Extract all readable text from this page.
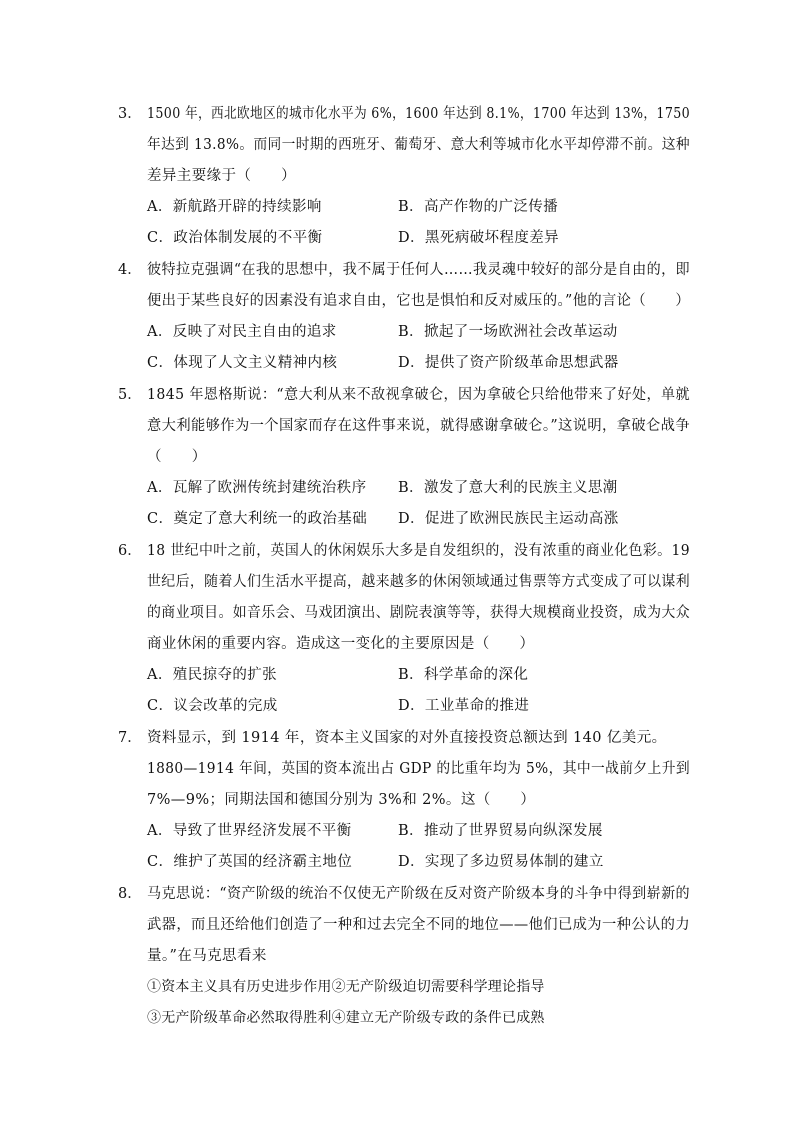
3． 1500 年，西北欧地区的城市化水平为 6%，1600 年达到 8.1%，1700 年达到 13%，1750
年达到 13.8%。而同一时期的西班牙、葡萄牙、意大利等城市化水平却停滞不前。这种
差异主要缘于（　　）
A．新航路开辟的持续影响	B．高产作物的广泛传播
C．政治体制发展的不平衡	D．黑死病破坏程度差异
4． 彼特拉克强调“在我的思想中，我不属于任何人……我灵魂中较好的部分是自由的，即
便出于某些良好的因素没有追求自由，它也是惧怕和反对威压的。”他的言论（　　）
A．反映了对民主自由的追求	B．掀起了一场欧洲社会改革运动
C．体现了人文主义精神内核	D．提供了资产阶级革命思想武器
5． 1845 年恩格斯说：“意大利从来不敌视拿破仑，因为拿破仑只给他带来了好处，单就
意大利能够作为一个国家而存在这件事来说，就得感谢拿破仑。”这说明，拿破仑战争
（　　）
A．瓦解了欧洲传统封建统治秩序 B．激发了意大利的民族主义思潮
C．奠定了意大利统一的政治基础 D．促进了欧洲民族民主运动高涨
6． 18 世纪中叶之前，英国人的休闲娱乐大多是自发组织的，没有浓重的商业化色彩。19
世纪后，随着人们生活水平提高，越来越多的休闲领域通过售票等方式变成了可以谋利
的商业项目。如音乐会、马戏团演出、剧院表演等等，获得大规模商业投资，成为大众
商业休闲的重要内容。造成这一变化的主要原因是（　　）
A．殖民掠夺的扩张	B．科学革命的深化
C．议会改革的完成	D．工业革命的推进
7． 资料显示，到 1914 年，资本主义国家的对外直接投资总额达到 140 亿美元。
1880—1914 年间，英国的资本流出占 GDP 的比重年均为 5%，其中一战前夕上升到
7%—9%；同期法国和德国分别为 3%和 2%。这（　　）
A．导致了世界经济发展不平衡	B．推动了世界贸易向纵深发展
C．维护了英国的经济霸主地位	D．实现了多边贸易体制的建立
8． 马克思说：“资产阶级的统治不仅使无产阶级在反对资产阶级本身的斗争中得到崭新的
武器，而且还给他们创造了一种和过去完全不同的地位——他们已成为一种公认的力
量。”在马克思看来
①资本主义具有历史进步作用②无产阶级迫切需要科学理论指导
③无产阶级革命必然取得胜利④建立无产阶级专政的条件已成熟
